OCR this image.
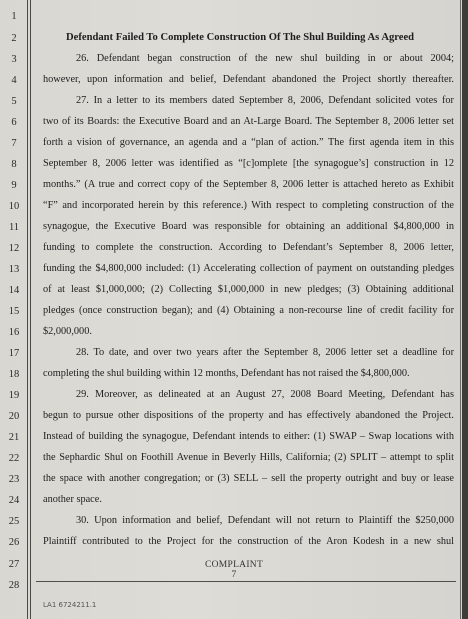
1
2
3
4
5
6
7
8
9
10
11
12
13
14
15
16
17
18
19
20
21
22
23
24
25
26
27
28
Defendant Failed To Complete Construction Of The Shul Building As Agreed
26. Defendant began construction of the new shul building in or about 2004;
however, upon information and belief, Defendant abandoned the Project shortly thereafter.
27. In a letter to its members dated September 8, 2006, Defendant solicited votes for
two of its Boards: the Executive Board and an At-Large Board. The September 8, 2006 letter set
forth a vision of governance, an agenda and a “plan of action.” The first agenda item in this
September 8, 2006 letter was identified as “[c]omplete [the synagogue’s] construction in 12
months.” (A true and correct copy of the September 8, 2006 letter is attached hereto as Exhibit
“F” and incorporated herein by this reference.) With respect to completing construction of the
synagogue, the Executive Board was responsible for obtaining an additional $4,800,000 in
funding to complete the construction. According to Defendant’s September 8, 2006 letter,
funding the $4,800,000 included: (1) Accelerating collection of payment on outstanding pledges
of at least $1,000,000; (2) Collecting $1,000,000 in new pledges; (3) Obtaining additional
pledges (once construction began); and (4) Obtaining a non-recourse line of credit facility for
$2,000,000.
28. To date, and over two years after the September 8, 2006 letter set a deadline for
completing the shul building within 12 months, Defendant has not raised the $4,800,000.
29. Moreover, as delineated at an August 27, 2008 Board Meeting, Defendant has
begun to pursue other dispositions of the property and has effectively abandoned the Project.
Instead of building the synagogue, Defendant intends to either: (1) SWAP – Swap locations with
the Sephardic Shul on Foothill Avenue in Beverly Hills, California; (2) SPLIT – attempt to split
the space with another congregation; or (3) SELL – sell the property outright and buy or lease
another space.
30. Upon information and belief, Defendant will not return to Plaintiff the $250,000
Plaintiff contributed to the Project for the construction of the Aron Kodesh in a new shul
COMPLAINT
7
LA1 6724211.1
